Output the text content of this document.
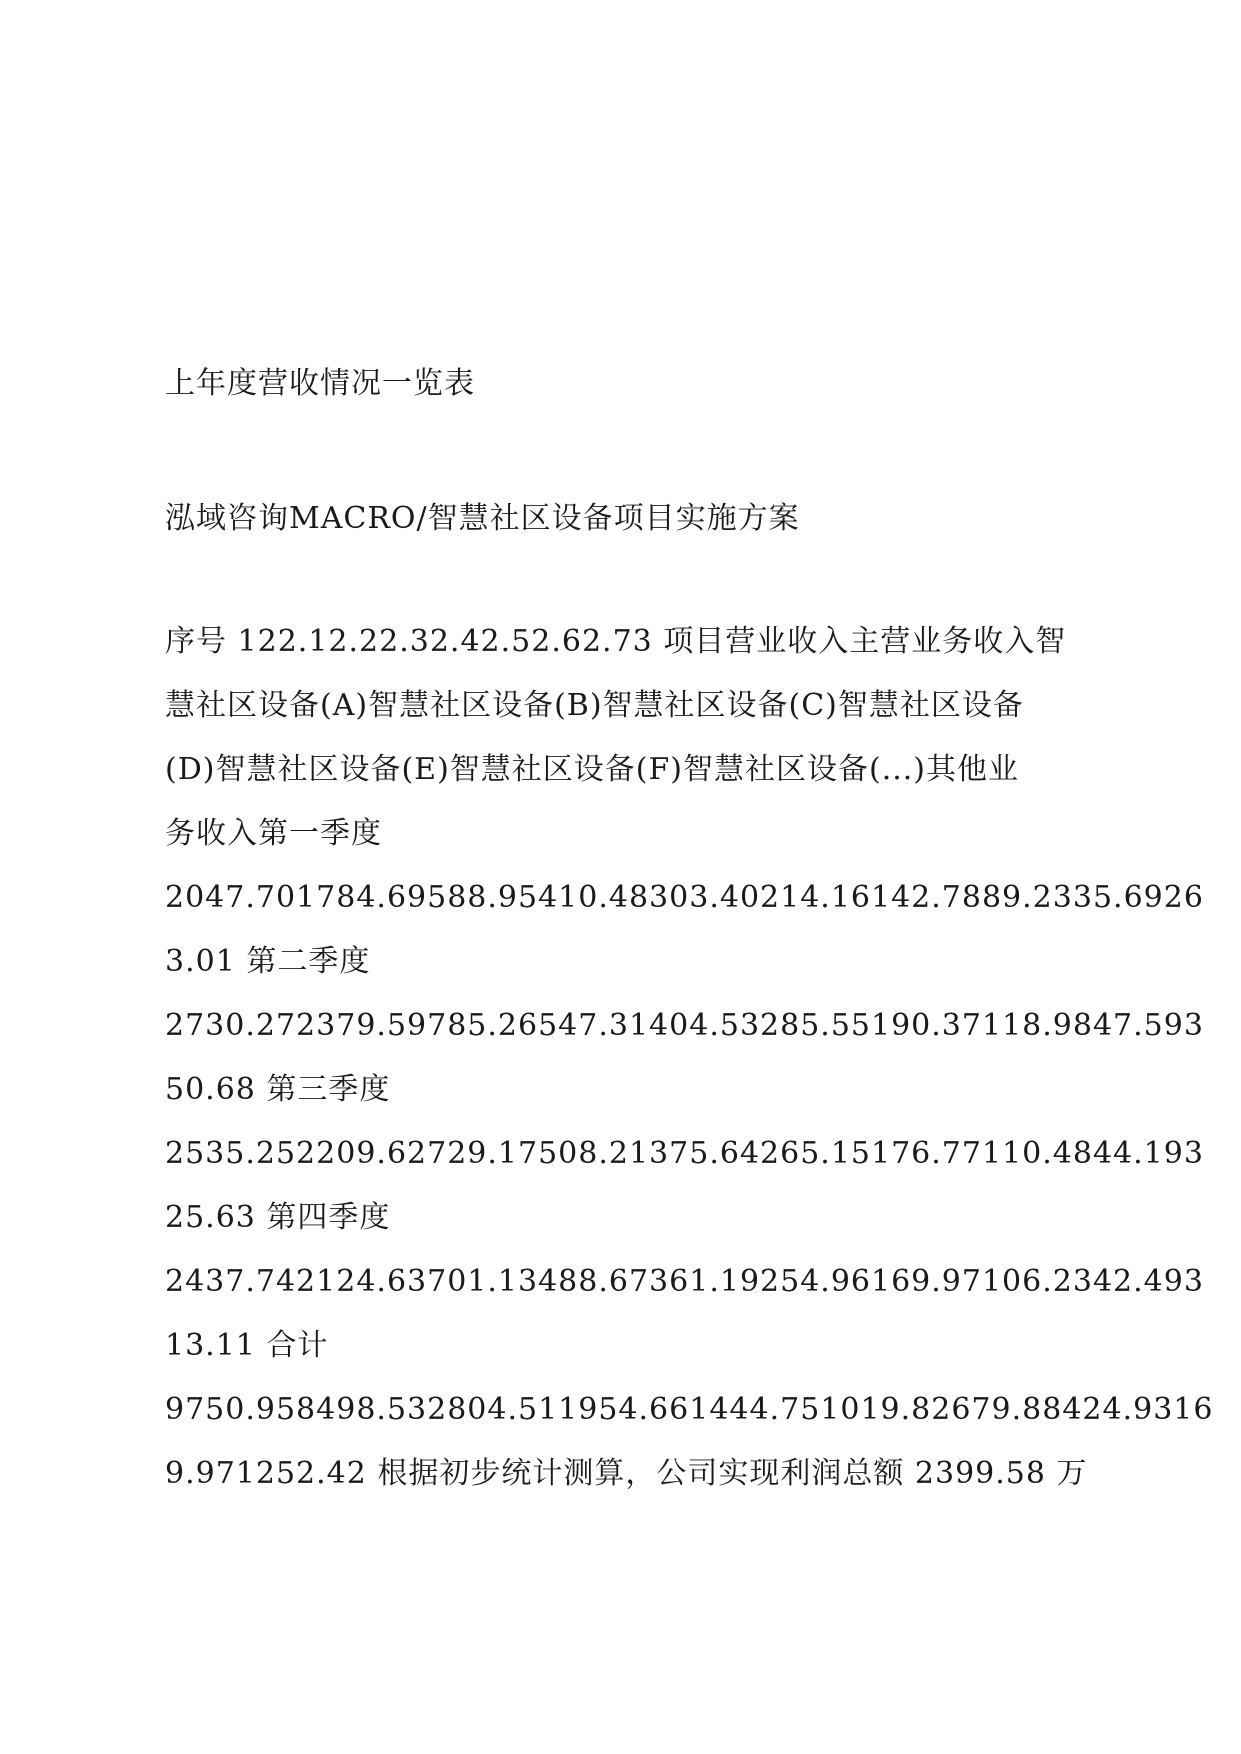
上年度营收情况一览表
泓域咨询MACRO/智慧社区设备项目实施方案
序号 122.12.22.32.42.52.62.73 项目营业收入主营业务收入智
慧社区设备(A)智慧社区设备(B)智慧社区设备(C)智慧社区设备
(D)智慧社区设备(E)智慧社区设备(F)智慧社区设备(...)其他业
务收入第一季度
2047.701784.69588.95410.48303.40214.16142.7889.2335.6926
3.01 第二季度
2730.272379.59785.26547.31404.53285.55190.37118.9847.593
50.68 第三季度
2535.252209.62729.17508.21375.64265.15176.77110.4844.193
25.63 第四季度
2437.742124.63701.13488.67361.19254.96169.97106.2342.493
13.11 合计
9750.958498.532804.511954.661444.751019.82679.88424.9316
9.971252.42 根据初步统计测算，公司实现利润总额 2399.58 万
